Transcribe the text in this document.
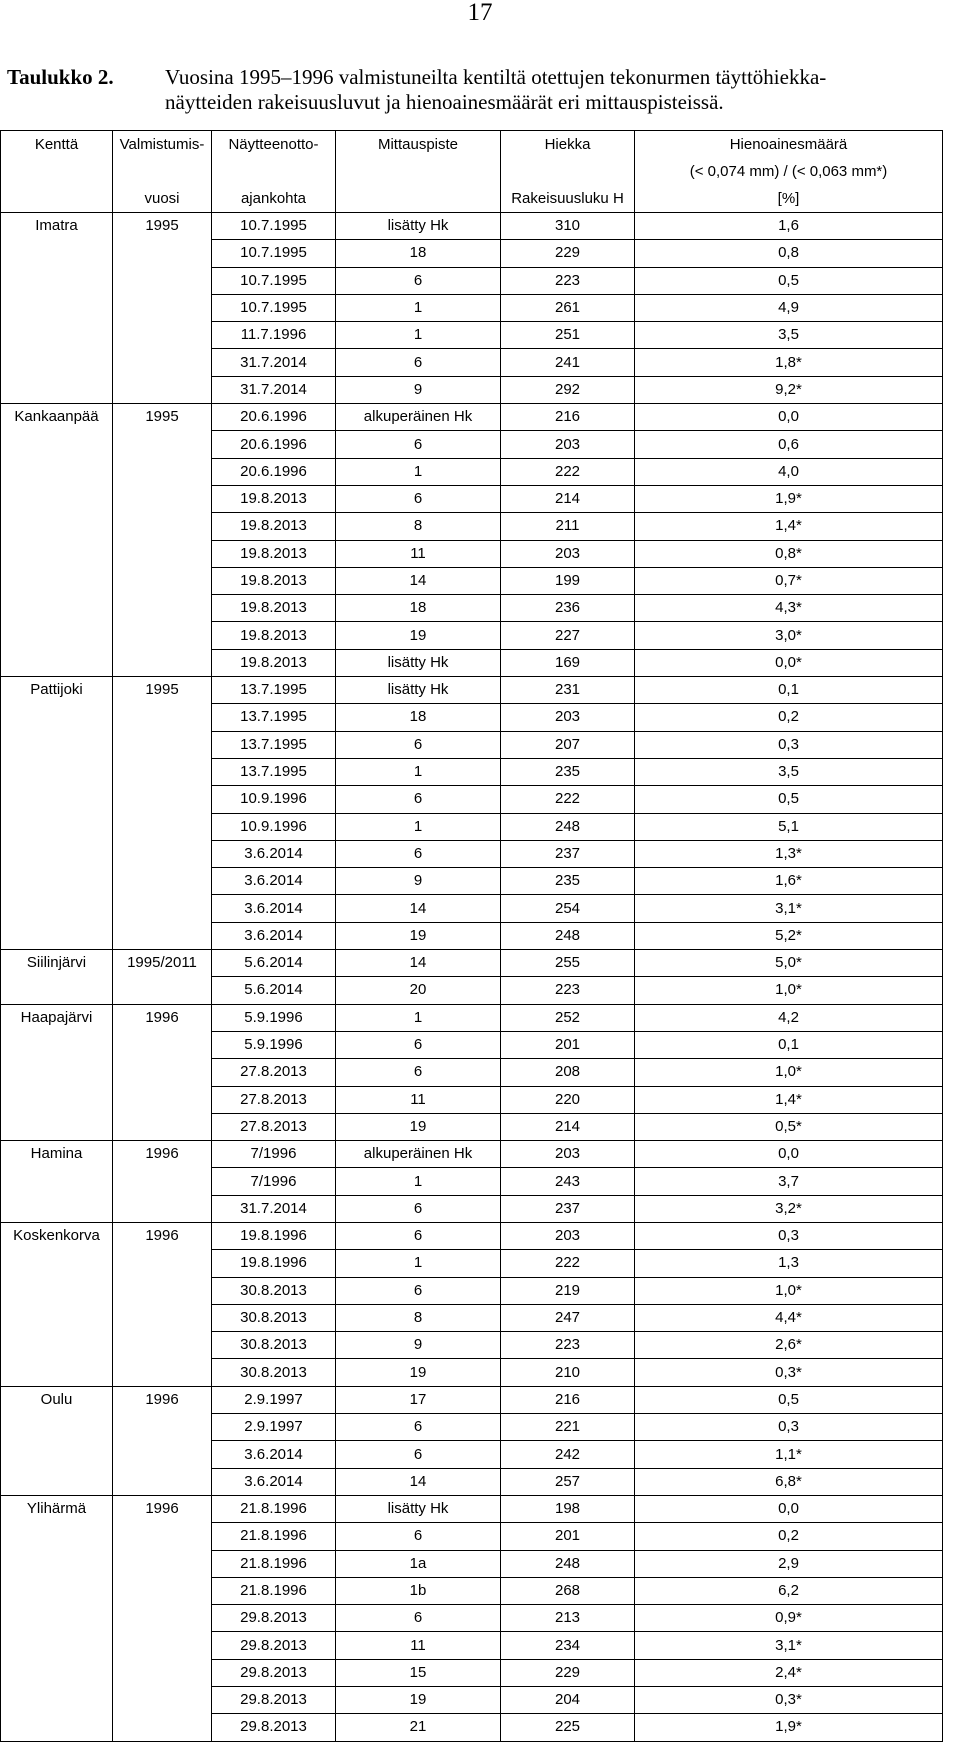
17
Taulukko 2. Vuosina 1995–1996 valmistuneilta kentiltä otettujen tekonurmen täyttöhiekka-
näytteiden rakeisuusluvut ja hienoainesmäärät eri mittauspisteissä.
Kenttä	Valmistumis-	Näytteenotto-	Mittauspiste	Hiekka	Hienoainesmäärä
					(< 0,074 mm) / (< 0,063 mm*)
	vuosi	ajankohta		Rakeisuusluku H	[%]
Imatra	1995	10.7.1995	lisätty Hk	310	1,6
		10.7.1995	18	229	0,8
		10.7.1995	6	223	0,5
		10.7.1995	1	261	4,9
		11.7.1996	1	251	3,5
		31.7.2014	6	241	1,8*
		31.7.2014	9	292	9,2*
Kankaanpää	1995	20.6.1996	alkuperäinen Hk	216	0,0
		20.6.1996	6	203	0,6
		20.6.1996	1	222	4,0
		19.8.2013	6	214	1,9*
		19.8.2013	8	211	1,4*
		19.8.2013	11	203	0,8*
		19.8.2013	14	199	0,7*
		19.8.2013	18	236	4,3*
		19.8.2013	19	227	3,0*
		19.8.2013	lisätty Hk	169	0,0*
Pattijoki	1995	13.7.1995	lisätty Hk	231	0,1
		13.7.1995	18	203	0,2
		13.7.1995	6	207	0,3
		13.7.1995	1	235	3,5
		10.9.1996	6	222	0,5
		10.9.1996	1	248	5,1
		3.6.2014	6	237	1,3*
		3.6.2014	9	235	1,6*
		3.6.2014	14	254	3,1*
		3.6.2014	19	248	5,2*
Siilinjärvi	1995/2011	5.6.2014	14	255	5,0*
		5.6.2014	20	223	1,0*
Haapajärvi	1996	5.9.1996	1	252	4,2
		5.9.1996	6	201	0,1
		27.8.2013	6	208	1,0*
		27.8.2013	11	220	1,4*
		27.8.2013	19	214	0,5*
Hamina	1996	7/1996	alkuperäinen Hk	203	0,0
		7/1996	1	243	3,7
		31.7.2014	6	237	3,2*
Koskenkorva	1996	19.8.1996	6	203	0,3
		19.8.1996	1	222	1,3
		30.8.2013	6	219	1,0*
		30.8.2013	8	247	4,4*
		30.8.2013	9	223	2,6*
		30.8.2013	19	210	0,3*
Oulu	1996	2.9.1997	17	216	0,5
		2.9.1997	6	221	0,3
		3.6.2014	6	242	1,1*
		3.6.2014	14	257	6,8*
Ylihärmä	1996	21.8.1996	lisätty Hk	198	0,0
		21.8.1996	6	201	0,2
		21.8.1996	1a	248	2,9
		21.8.1996	1b	268	6,2
		29.8.2013	6	213	0,9*
		29.8.2013	11	234	3,1*
		29.8.2013	15	229	2,4*
		29.8.2013	19	204	0,3*
		29.8.2013	21	225	1,9*
